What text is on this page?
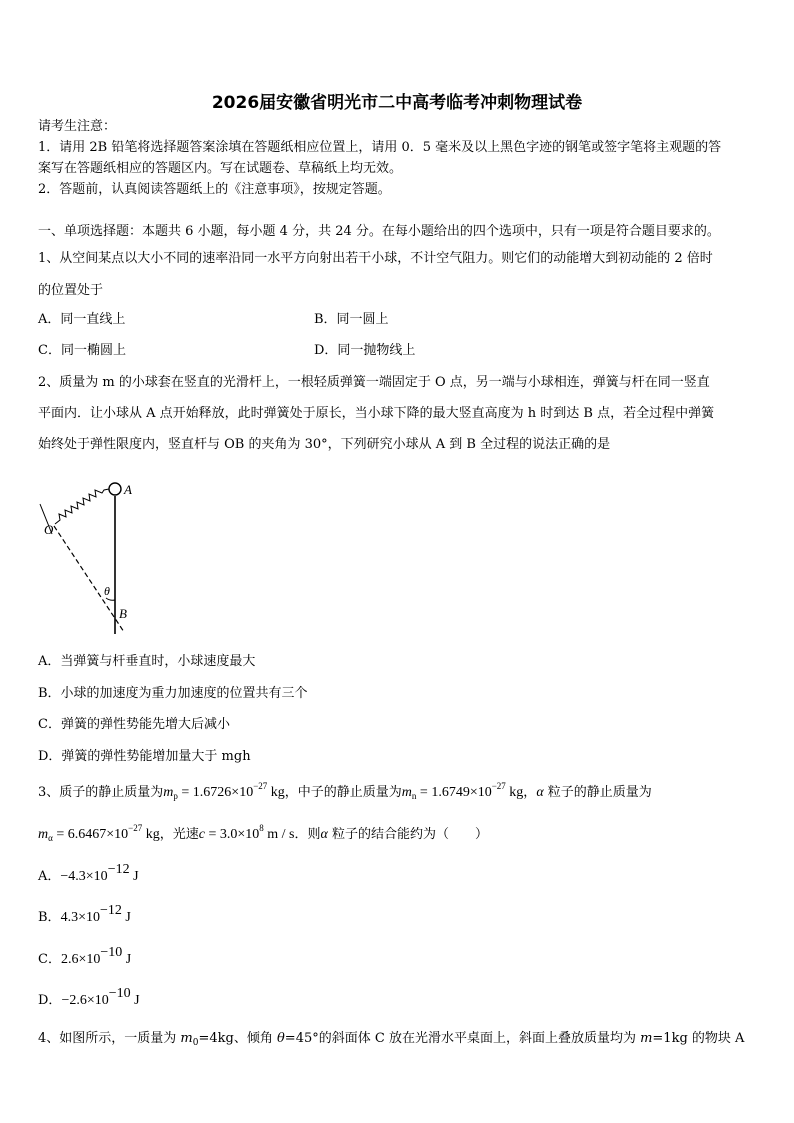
2026届安徽省明光市二中高考临考冲刺物理试卷
请考生注意：
1．请用 2B 铅笔将选择题答案涂填在答题纸相应位置上，请用 0．5 毫米及以上黑色字迹的钢笔或签字笔将主观题的答
案写在答题纸相应的答题区内。写在试题卷、草稿纸上均无效。
2．答题前，认真阅读答题纸上的《注意事项》，按规定答题。
一、单项选择题：本题共 6 小题，每小题 4 分，共 24 分。在每小题给出的四个选项中，只有一项是符合题目要求的。
1、从空间某点以大小不同的速率沿同一水平方向射出若干小球，不计空气阻力。则它们的动能增大到初动能的 2 倍时
的位置处于
A．同一直线上	B．同一圆上
C．同一椭圆上	D．同一抛物线上
2、质量为 m 的小球套在竖直的光滑杆上，一根轻质弹簧一端固定于 O 点，另一端与小球相连，弹簧与杆在同一竖直
平面内．让小球从 A 点开始释放，此时弹簧处于原长，当小球下降的最大竖直高度为 h 时到达 B 点，若全过程中弹簧
始终处于弹性限度内，竖直杆与 OB 的夹角为 30°，下列研究小球从 A 到 B 全过程的说法正确的是
A
O
θ
B
A．当弹簧与杆垂直时，小球速度最大
B．小球的加速度为重力加速度的位置共有三个
C．弹簧的弹性势能先增大后减小
D．弹簧的弹性势能增加量大于 mgh
3、质子的静止质量为$m_p = 1.6726\times 10^{-27}$ kg，中子的静止质量为$m_n = 1.6749\times 10^{-27}$ kg，α 粒子的静止质量为
$m_\alpha = 6.6467\times 10^{-27}$ kg，光速$c = 3.0\times 10^8$ m / s．则α 粒子的结合能约为（　　）
A．$-4.3\times 10^{-12}$ J
B．$4.3\times 10^{-12}$ J
C．$2.6\times 10^{-10}$ J
D．$-2.6\times 10^{-10}$ J
4、如图所示，一质量为 $m_0=4kg$、倾角 θ=45°的斜面体 C 放在光滑水平桌面上，斜面上叠放质量均为 m=1kg 的物块 A
